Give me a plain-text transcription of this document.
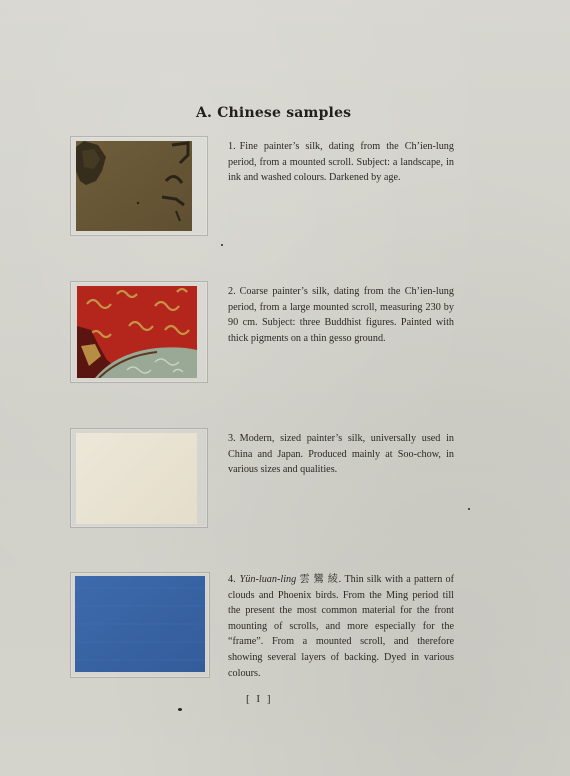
A. Chinese samples
1. Fine painter’s silk, dating from the Ch’ien-lung period, from a mounted scroll. Subject: a landscape, in ink and washed colours. Darkened by age.
2. Coarse painter’s silk, dating from the Ch’ien-lung period, from a large mounted scroll, measuring 230 by 90 cm. Subject: three Buddhist figures. Painted with thick pigments on a thin gesso ground.
3. Modern, sized painter’s silk, universally used in China and Japan. Produced mainly at Soo-chow, in various sizes and qualities.
4. Yün-luan-ling 雲 鸞 綾. Thin silk with a pattern of clouds and Phoenix birds. From the Ming period till the present the most common material for the front mounting of scrolls, and more especially for the “frame”. From a mounted scroll, and therefore showing several layers of backing. Dyed in various colours.
[ I ]
